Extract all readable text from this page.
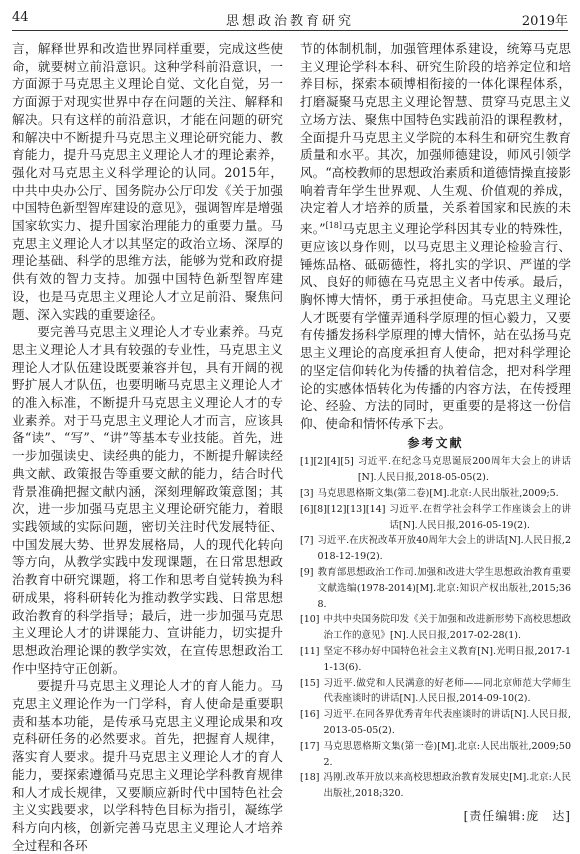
44	思想政治教育研究	2019年

言，解释世界和改造世界同样重要，完成这些使命，就要树立前沿意识。这种学科前沿意识，一方面源于马克思主义理论自觉、文化自觉，另一方面源于对现实世界中存在问题的关注、解释和解决。只有这样的前沿意识，才能在问题的研究和解决中不断提升马克思主义理论研究能力、教育能力，提升马克思主义理论人才的理论素养，强化对马克思主义科学理论的认同。2015年，中共中央办公厅、国务院办公厅印发《关于加强中国特色新型智库建设的意见》，强调智库是增强国家软实力、提升国家治理能力的重要力量。马克思主义理论人才以其坚定的政治立场、深厚的理论基础、科学的思维方法，能够为党和政府提供有效的智力支持。加强中国特色新型智库建设，也是马克思主义理论人才立足前沿、聚焦问题、深入实践的重要途径。

要完善马克思主义理论人才专业素养。马克思主义理论人才具有较强的专业性，马克思主义理论人才队伍建设既要兼容并包，具有开阔的视野扩展人才队伍，也要明晰马克思主义理论人才的准入标准，不断提升马克思主义理论人才的专业素养。对于马克思主义理论人才而言，应该具备“读”、“写”、“讲”等基本专业技能。首先，进一步加强读史、读经典的能力，不断提升解读经典文献、政策报告等重要文献的能力，结合时代背景准确把握文献内涵，深刻理解政策意图；其次，进一步加强马克思主义理论研究能力，着眼实践领域的实际问题，密切关注时代发展特征、中国发展大势、世界发展格局，人的现代化转向等方向，从教学实践中发现课题，在日常思想政治教育中研究课题，将工作和思考自觉转换为科研成果，将科研转化为推动教学实践、日常思想政治教育的科学指导；最后，进一步加强马克思主义理论人才的讲课能力、宣讲能力，切实提升思想政治理论课的教学实效，在宣传思想政治工作中坚持守正创新。

要提升马克思主义理论人才的育人能力。马克思主义理论作为一门学科，育人使命是重要职责和基本功能，是传承马克思主义理论成果和攻克科研任务的必然要求。首先，把握育人规律，落实育人要求。提升马克思主义理论人才的育人能力，要探索遵循马克思主义理论学科教育规律和人才成长规律，又要顺应新时代中国特色社会主义实践要求，以学科特色目标为指引，凝练学科方向内核，创新完善马克思主义理论人才培养全过程和各环

节的体制机制，加强管理体系建设，统筹马克思主义理论学科本科、研究生阶段的培养定位和培养目标，探索本硕博相衔接的一体化课程体系，打磨凝聚马克思主义理论智慧、贯穿马克思主义立场方法、聚焦中国特色实践前沿的课程教材，全面提升马克思主义学院的本科生和研究生教育质量和水平。其次，加强师德建设，师风引领学风。“高校教师的思想政治素质和道德情操直接影响着青年学生世界观、人生观、价值观的养成，决定着人才培养的质量，关系着国家和民族的未来。”[18]马克思主义理论学科因其专业的特殊性，更应该以身作则，以马克思主义理论检验言行、锤炼品格、砥砺德性，将扎实的学识、严谨的学风、良好的师德在马克思主义者中传承。最后，胸怀博大情怀，勇于承担使命。马克思主义理论人才既要有学懂弄通科学原理的恒心毅力，又要有传播发扬科学原理的博大情怀，站在弘扬马克思主义理论的高度承担育人使命，把对科学理论的坚定信仰转化为传播的执着信念，把对科学理论的实感体悟转化为传播的内容方法，在传授理论、经验、方法的同时，更重要的是将这一份信仰、使命和情怀传承下去。

参考文献
[1][2][4][5] 习近平.在纪念马克思诞辰200周年大会上的讲话[N].人民日报,2018-05-05(2).
[3] 马克思恩格斯文集(第二卷)[M].北京:人民出版社,2009;5.
[6][8][12][13][14] 习近平.在哲学社会科学工作座谈会上的讲话[N].人民日报,2016-05-19(2).
[7] 习近平.在庆祝改革开放40周年大会上的讲话[N].人民日报,2018-12-19(2).
[9] 教育部思想政治工作司.加强和改进大学生思想政治教育重要文献选编(1978-2014)[M].北京:知识产权出版社,2015;368.
[10] 中共中央国务院印发《关于加强和改进新形势下高校思想政治工作的意见》[N].人民日报,2017-02-28(1).
[11] 坚定不移办好中国特色社会主义教育[N].光明日报,2017-11-13(6).
[15] 习近平.做党和人民满意的好老师——同北京师范大学师生代表座谈时的讲话[N].人民日报,2014-09-10(2).
[16] 习近平.在同各界优秀青年代表座谈时的讲话[N].人民日报,2013-05-05(2).
[17] 马克思恩格斯文集(第一卷)[M].北京:人民出版社,2009;502.
[18] 冯刚.改革开放以来高校思想政治教育发展史[M].北京:人民出版社,2018;320.
[责任编辑:庞　达]
